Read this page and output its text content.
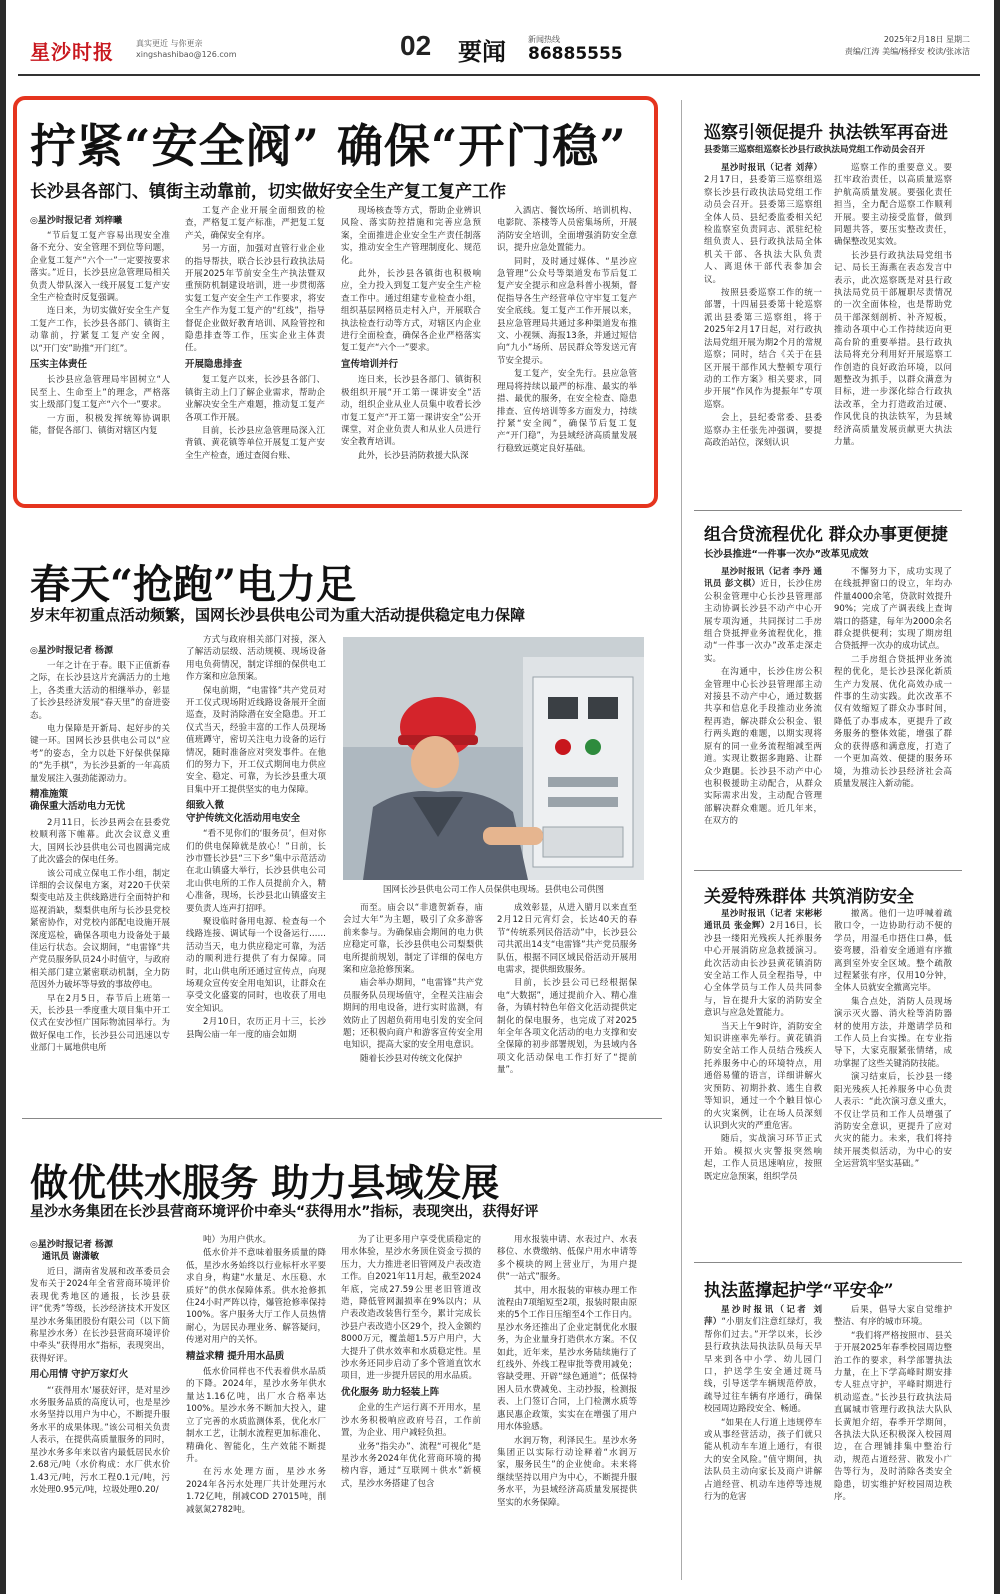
星沙时报	真实更近 与你更亲
xingshashibao@126.com	02 要闻	新闻热线
86885555
2025年2月18日 星期二
责编/江涛 美编/杨择安 校读/张冰洁
拧紧“安全阀” 确保“开门稳”
长沙县各部门、镇街主动靠前，切实做好安全生产复工复产工作
◎星沙时报记者 刘梓曦

“节后复工复产容易出现安全准备不充分、安全管理不到位等问题，企业复工复产“六个一”一定要按要求落实。”近日，长沙县应急管理局相关负责人带队深入一线开展复工复产安全生产检查时反复强调。

连日来，为切实做好安全生产复工复产工作，长沙县各部门、镇街主动靠前，拧紧复工复产安全阀，以“开门安”助推“开门红”。

压实主体责任

长沙县应急管理局牢固树立“人民至上、生命至上”的理念，严格落实上级部门复工复产“六个一”要求。

一方面，积极发挥统筹协调职能，督促各部门、镇街对辖区内复

工复产企业开展全面细致的检查，严格复工复产标准，严把复工复产关，确保安全有序。

另一方面，加强对直管行业企业的指导帮扶，联合长沙县行政执法局开展2025年节前安全生产执法暨双重预防机制建设培训，进一步贯彻落实复工复产安全生产工作要求，将安全生产作为复工复产的“红线”，指导督促企业做好教育培训、风险管控和隐患排查等工作，压实企业主体责任。

开展隐患排查

复工复产以来，长沙县各部门、镇街主动上门了解企业需求，帮助企业解决安全生产难题，推动复工复产各项工作开展。

目前，长沙县应急管理局深入江背镇、黄花镇等单位开展复工复产安全生产检查，通过查阅台账、

现场核查等方式，帮助企业辨识风险、落实防控措施和完善应急预案，全面推进企业安全生产责任制落实，推动安全生产管理制度化、规范化。

此外，长沙县各镇街也积极响应，全力投入到复工复产安全生产检查工作中。通过组建专业检查小组，组织基层网格员走村入户，开展联合执法检查行动等方式，对辖区内企业进行全面检查，确保各企业严格落实复工复产“六个一”要求。

宣传培训并行

连日来，长沙县各部门、镇街积极组织开展“开工第一课讲安全”活动，组织企业从业人员集中收看长沙市复工复产“开工第一课讲安全”公开课堂，对企业负责人和从业人员进行安全教育培训。

此外，长沙县消防救援大队深

入酒店、餐饮场所、培训机构、电影院、茶楼等人员密集场所，开展消防安全培训，全面增强消防安全意识，提升应急处置能力。

同时，及时通过媒体、“星沙应急管理”公众号等渠道发布节后复工复产安全提示和应急科普小视频，督促指导各生产经营单位守牢复工复产安全底线。复工复产工作开展以来，县应急管理局共通过多种渠道发布推文、小视频、海报13条，并通过短信向“九小”场所、居民群众等发送元宵节安全提示。

复工复产，安全先行。县应急管理局将持续以最严的标准、最实的举措、最优的服务，在安全检查、隐患排查、宣传培训等多方面发力，持续拧紧“安全阀”，确保节后复工复产“开门稳”，为县域经济高质量发展行稳致远奠定良好基础。

巡察引领促提升 执法铁军再奋进
县委第三巡察组巡察长沙县行政执法局党组工作动员会召开

星沙时报讯（记者 刘萍）2月17日，县委第三巡察组巡察长沙县行政执法局党组工作动员会召开。县委第三巡察组全体人员、县纪委监委相关纪检监察室负责同志、派驻纪检组负责人、县行政执法局全体机关干部、各执法大队负责人、离退休干部代表参加会议。

按照县委巡察工作的统一部署，十四届县委第十轮巡察派出县委第三巡察组，将于2025年2月17日起，对行政执法局党组开展为期2个月的常规巡察；同时，结合《关于在县区开展干部作风大整顿专项行动的工作方案》相关要求，同步开展“作风作为提振年”专项巡察。

会上，县纪委常委、县委巡察办主任张先冲强调，要提高政治站位，深刻认识

巡察工作的重要意义。要扛牢政治责任，以高质量巡察护航高质量发展。要强化责任担当，全力配合巡察工作顺利开展。要主动接受监督，做到同题共答，要压实整改责任，确保整改见实效。

长沙县行政执法局党组书记、局长王海燕在表态发言中表示，此次巡察既是对县行政执法局党员干部履职尽责情况的一次全面体检，也是帮助党员干部深刻剖析、补齐短板，推动各项中心工作持续迈向更高台阶的重要举措。县行政执法局将充分利用好开展巡察工作创造的良好政治环境，以问题整改为抓手，以群众满意为目标，进一步深化综合行政执法改革，全力打造政治过硬、作风优良的执法铁军，为县域经济高质量发展贡献更大执法力量。

春天“抢跑”电力足
岁末年初重点活动频繁，国网长沙县供电公司为重大活动提供稳定电力保障
◎星沙时报记者 杨源

一年之计在于春。眼下正值新春之际，在长沙县这片充满活力的土地上，各类重大活动的相继举办，彰显了长沙县经济发展“春天里”的奋进姿态。

电力保障是开新局、起好步的关键一环。国网长沙县供电公司以“应考”的姿态，全力以赴下好保供保障的“先手棋”，为长沙县新的一年高质量发展注入强劲能源动力。

精准施策
确保重大活动电力无忧

2月11日，长沙县两会在县委党校顺利落下帷幕。此次会议意义重大，国网长沙县供电公司也圆满完成了此次盛会的保电任务。

该公司成立保电工作小组，制定详细的会议保电方案，对220千伏荣梨变电站及主供线路进行全面特护和巡视消缺，梨梨供电所与长沙县党校紧密协作，对党校内部配电设施开展深度巡检，确保各项电力设备处于最佳运行状态。会议期间，“电雷锋”共产党员服务队员24小时值守，与政府相关部门建立紧密联动机制，全力防范因外力破坏等导致的事故停电。

早在2月5日，春节后上班第一天，长沙县一季度重大项目集中开工仪式在安沙恒广国际物流园举行。为做好保电工作，长沙县公司迅速以专业部门＋属地供电所

方式与政府相关部门对接，深入了解活动层级、活动规模、现场设备用电负荷情况，制定详细的保供电工作方案和应急预案。

保电前期，“电雷锋”共产党员对开工仪式现场附近线路设备展开全面巡查，及时消除潜在安全隐患。开工仪式当天，经验丰富的工作人员现场值班蹲守，密切关注电力设备的运行情况，随时准备应对突发事件。在他们的努力下，开工仪式期间电力供应安全、稳定、可靠，为长沙县重大项目集中开工提供坚实的电力保障。

细致入微
守护传统文化活动用电安全

“看不见你们的‘服务员’，但对你们的供电保障就是放心！”日前，长沙市暨长沙县“三下乡”集中示范活动在北山镇盛大举行，长沙县供电公司北山供电所的工作人员提前介入，精心准备，现场，长沙县北山镇盛安主要负责人连声打招呼。

聚设临时备用电源、检查每一个线路连接、调试每一个设备运行……活动当天，电力供应稳定可靠，为活动的顺利进行提供了有力保障。同时，北山供电所还通过宣传点，向现场观众宣传安全用电知识，让群众在享受文化盛宴的同时，也收获了用电安全知识。

2月10日，农历正月十三，长沙县陶公庙一年一度的庙会如期

国网长沙县供电公司工作人员保供电现场。县供电公司供图

而至。庙会以“非遗贺新春，庙会过大年”为主题，吸引了众多游客前来参与。为确保庙会期间的电力供应稳定可靠，长沙县供电公司梨梨供电所提前规划，制定了详细的保电方案和应急抢修预案。

庙会举办期间，“电雷锋”共产党员服务队员现场值守，全程关注庙会期间的用电设备，进行实时监测，有效防止了因超负荷用电引发的安全问题；还积极向商户和游客宣传安全用电知识，提高大家的安全用电意识。

随着长沙县对传统文化保护

成效彰显，从进入腊月以来直至2月12日元宵灯会，长达40天的春节“传统系列民俗活动”中，长沙县公司共派出14支“电雷锋”共产党员服务队伍，根据不同区域民俗活动开展用电需求，提供细致服务。

目前，长沙县公司已经根据保电“大数据”，通过提前介入、精心准备，为镇村特色年俗文化活动提供定制化的保电服务，也完成了对2025年全年各项文化活动的电力支撑和安全保障的初步部署规划，为县域内各项文化活动保电工作打好了“提前量”。

组合贷流程优化 群众办事更便捷
长沙县推进“一件事一次办”改革见成效

星沙时报讯（记者 李丹 通讯员 彭文棋）近日，长沙住房公积金管理中心长沙县管理部主动协调长沙县不动产中心开展专项沟通，共同探讨二手房组合贷抵押业务流程优化，推动“一件事一次办”改革走深走实。

在沟通中，长沙住房公积金管理中心长沙县管理部主动对接县不动产中心，通过数据共享和信息化手段推动业务流程再造，解决群众公积金、银行两头跑的难题，以期实现将原有的同一业务流程缩减至两道。实现让数据多跑路、让群众少跑腿。长沙县不动产中心也积极援助主动配合，从群众实际需求出发，主动配合管理部解决群众难题。近几年来，在双方的

不懈努力下，成功实现了在线抵押窗口的设立，年均办件量4000余笔，贷款时效提升90%；完成了产调表线上查询端口的搭建，每年为2000余名群众提供便利；实现了期房组合贷抵押一次办的成功试点。

二手房组合贷抵押业务流程的优化，是长沙县深化新质生产力发展、优化高效办成一件事的生动实践。此次改革不仅有效缩短了群众办事时间，降低了办事成本，更提升了政务服务的整体效能，增强了群众的获得感和满意度，打造了一个更加高效、便捷的服务环境，为推动长沙县经济社会高质量发展注入新动能。

关爱特殊群体 共筑消防安全

星沙时报讯（记者 宋彬彬 通讯员 张金辉）2月16日，长沙县一缕阳光残疾人托养服务中心开展消防应急救援演习。此次活动由长沙县黄花镇消防安全站工作人员全程指导，中心全体学员与工作人员共同参与，旨在提升大家的消防安全意识与应急处置能力。

当天上午9时许，消防安全知识讲座率先举行。黄花镇消防安全站工作人员结合残疾人托养服务中心的环境特点，用通俗易懂的语言，详细讲解火灾预防、初期扑救、逃生自救等知识，通过一个个触目惊心的火灾案例，让在场人员深刻认识到火灾的严重危害。

随后，实战演习环节正式开始。模拟火灾警报突然响起，工作人员迅速响应，按照既定应急预案，组织学员

撤离。他们一边呼喊着疏散口令，一边协助行动不便的学员，用湿毛巾捂住口鼻，低姿弯腰，沿着安全通道有序撤离到室外安全区域。整个疏散过程紧张有序，仅用10分钟，全体人员就安全撤离完毕。

集合点处，消防人员现场演示灭火器、消火栓等消防器材的使用方法，并邀请学员和工作人员上台实操。在专业指导下，大家克服紧张情绪，成功掌握了这些关键消防技能。

演习结束后，长沙县一缕阳光残疾人托养服务中心负责人表示：“此次演习意义重大，不仅让学员和工作人员增强了消防安全意识，更提升了应对火灾的能力。未来，我们将持续开展类似活动，为中心的安全运营筑牢坚实基础。”

做优供水服务 助力县域发展
星沙水务集团在长沙县营商环境评价中牵头“获得用水”指标，表现突出，获得好评
◎星沙时报记者 杨源
通讯员 谢潇敏

近日，湖南省发展和改革委员会发布关于2024年全省营商环境评价表现优秀地区的通报，长沙县获评“优秀”等级，长沙经济技术开发区星沙水务集团股份有限公司（以下简称星沙水务）在长沙县营商环境评价中牵头“获得用水”指标，表现突出，获得好评。

用心用情 守护万家灯火

“‘获得用水’屡获好评，是对星沙水务服务品质的高度认可，也是星沙水务坚持以用户为中心，不断提升服务水平的成果体现。”该公司相关负责人表示，在提供高质量服务的同时，星沙水务多年来以省内最低居民水价2.68元/吨（水价构成：水厂供水价1.43元/吨，污水工程0.1元/吨，污水处理0.95元/吨，垃圾处理0.20/

吨）为用户供水。

低水价并不意味着服务质量的降低，星沙水务始终以行业标杆水平要求自身，构建“水量足、水压稳、水质好”的供水保障体系。供水抢修抓住24小时严阵以待，爆管抢修率保持100%。客户服务大厅工作人员热情耐心，为居民办理业务、解答疑问，传递对用户的关怀。

精益求精 提升用水品质

低水价同样也不代表着供水品质的下降。2024年，星沙水务年供水量达1.16亿吨，出厂水合格率达100%。星沙水务不断加大投入，建立了完善的水质监测体系，优化水厂制水工艺，让制水流程更加标准化、精确化、智能化，生产效能不断提升。

在污水处理方面，星沙水务2024年各污水处理厂共计处理污水1.72亿吨，削减COD 27015吨，削减氨氮2782吨。

为了让更多用户享受优质稳定的用水体验，星沙水务顶住资金亏损的压力，大力推进老旧管网及户表改造工作。自2021年11月起，截至2024年底，完成27.59公里老旧管道改造，降低管网漏损率在9%以内；从户表改造改装售行至今，累计完成长沙县户表改造小区29个，投入金额约8000万元，覆盖超1.5万户用户，大大提升了供水效率和水质稳定性。星沙水务还同步启动了多个管道直饮水项目，进一步提升居民的用水品质。

优化服务 助力轻装上阵

企业的生产运行离不开用水，星沙水务积极响应政府号召，工作前置，为企业、用户减轻负担。

业务“指尖办”、流程“可视化”是星沙水务2024年优化营商环境的揭榜内容，通过“互联网＋供水”新模式，星沙水务搭建了包含

用水报装申请、水表过户、水表移位、水费缴纳、低保户用水申请等多个模块的网上营业厅，为用户提供“一站式”服务。

其中，用水报装的审核办理工作流程由7项缩短至2项，报装时限由原来的5个工作日压缩至4个工作日内。星沙水务还推出了企业定制优化水服务，为企业量身打造供水方案。不仅如此，近年来，星沙水务陆续施行了红线外、外线工程审批等费用减免；容缺受理、开辟“绿色通道”；低保特困人员水费减免、主动抄报，检测报表、上门签订合同，上门检测水质等惠民惠企政策，实实在在增强了用户用水体验感。

水润万物，利泽民生。星沙水务集团正以实际行动诠释着“水润万家，服务民生”的企业使命。未来将继续坚持以用户为中心，不断提升服务水平，为县域经济高质量发展提供坚实的水务保障。

执法蓝撑起护学“平安伞”

星沙时报讯（记者 刘萍）“小朋友们注意红绿灯，我帮你们过去。”开学以来，长沙县行政执法局执法队员每天早早来到各中小学、幼儿园门口，护送学生安全通过斑马线，引导送学车辆规范停放，疏导过往车辆有序通行，确保校园周边路段安全、畅通。

“如果在人行道上违规停车或从事经营活动，孩子们就只能从机动车车道上通行，有很大的安全风险。”值守期间，执法队员主动向家长及商户讲解占道经营、机动车违停等违规行为的危害

后果，倡导大家自觉维护整洁、有序的城市环境。

“我们将严格按照市、县关于开展2025年春季校园周边整治工作的要求，科学部署执法力量，在上下学高峰时期安排专人驻点守护，平峰时期进行机动巡查。”长沙县行政执法局直属城市管理行政执法大队队长黄旭介绍，春季开学期间，各执法大队还积极深入校园周边，在合理铺排集中整治行动，规范占道经营、散发小广告等行为，及时消除各类安全隐患，切实维护好校园周边秩序。
